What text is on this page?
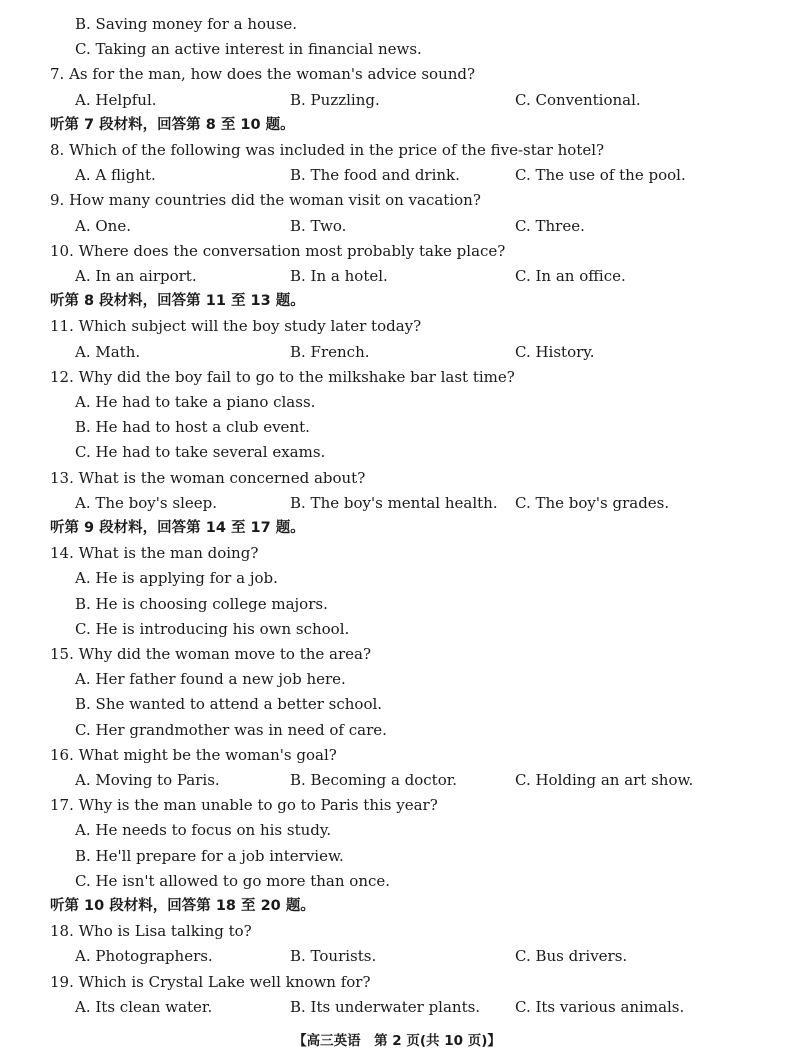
B. Saving money for a house.
C. Taking an active interest in financial news.
7. As for the man, how does the woman's advice sound?
A. Helpful.	B. Puzzling.	C. Conventional.
听第 7 段材料，回答第 8 至 10 题。
8. Which of the following was included in the price of the five-star hotel?
A. A flight.	B. The food and drink.	C. The use of the pool.
9. How many countries did the woman visit on vacation?
A. One.	B. Two.	C. Three.
10. Where does the conversation most probably take place?
A. In an airport.	B. In a hotel.	C. In an office.
听第 8 段材料，回答第 11 至 13 题。
11. Which subject will the boy study later today?
A. Math.	B. French.	C. History.
12. Why did the boy fail to go to the milkshake bar last time?
A. He had to take a piano class.
B. He had to host a club event.
C. He had to take several exams.
13. What is the woman concerned about?
A. The boy's sleep.	B. The boy's mental health. C. The boy's grades.
听第 9 段材料，回答第 14 至 17 题。
14. What is the man doing?
A. He is applying for a job.
B. He is choosing college majors.
C. He is introducing his own school.
15. Why did the woman move to the area?
A. Her father found a new job here.
B. She wanted to attend a better school.
C. Her grandmother was in need of care.
16. What might be the woman's goal?
A. Moving to Paris.	B. Becoming a doctor.	C. Holding an art show.
17. Why is the man unable to go to Paris this year?
A. He needs to focus on his study.
B. He'll prepare for a job interview.
C. He isn't allowed to go more than once.
听第 10 段材料，回答第 18 至 20 题。
18. Who is Lisa talking to?
A. Photographers.	B. Tourists.	C. Bus drivers.
19. Which is Crystal Lake well known for?
A. Its clean water.	B. Its underwater plants. C. Its various animals.
【高三英语　第 2 页(共 10 页)】
